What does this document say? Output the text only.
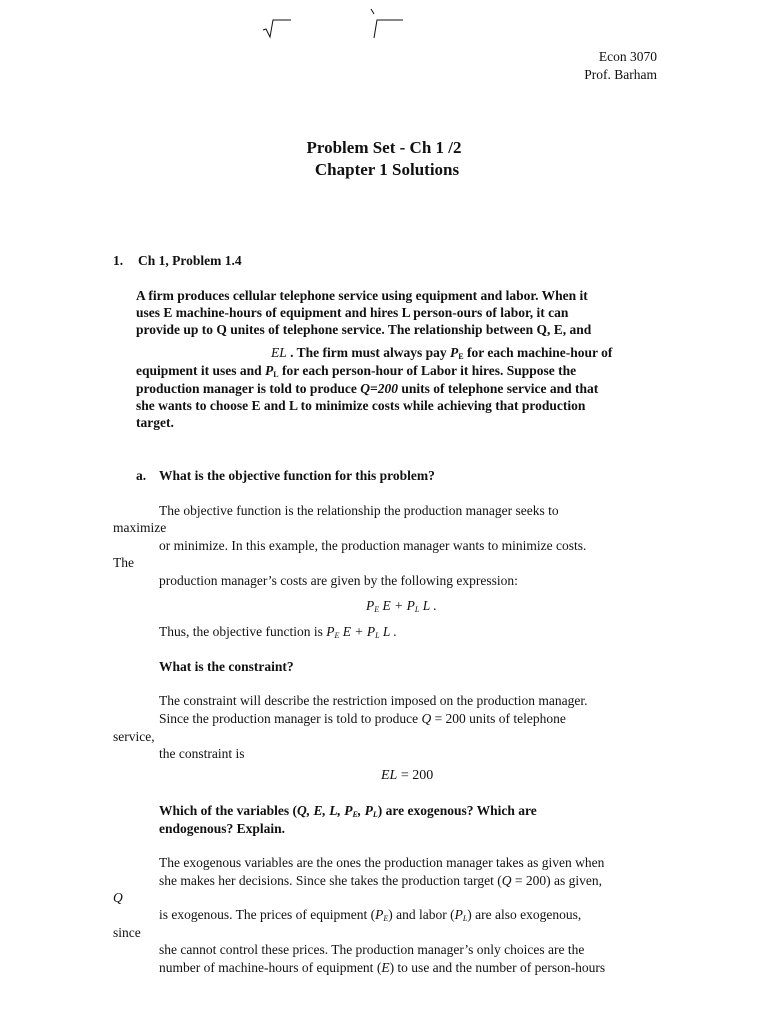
Econ 3070
Prof. Barham
Problem Set - Ch 1 /2
Chapter 1 Solutions
1. Ch 1, Problem 1.4
A firm produces cellular telephone service using equipment and labor. When it
uses E machine-hours of equipment and hires L person-ours of labor, it can
provide up to Q unites of telephone service. The relationship between Q, E, and
EL . The firm must always pay $P_E$ for each machine-hour of
equipment it uses and $P_L$ for each person-hour of Labor it hires. Suppose the
production manager is told to produce Q=200 units of telephone service and that
she wants to choose E and L to minimize costs while achieving that production
target.
a. What is the objective function for this problem?
The objective function is the relationship the production manager seeks to
maximize
or minimize. In this example, the production manager wants to minimize costs.
The
production manager’s costs are given by the following expression:
$P_E$ $E + P_L$ L .
Thus, the objective function is $P_E$ $E + P_L$ L .
What is the constraint?
The constraint will describe the restriction imposed on the production manager.
Since the production manager is told to produce Q = 200 units of telephone
service,
the constraint is
EL = 200
Which of the variables (Q, E, L, $P_E$, $P_L$) are exogenous? Which are
endogenous? Explain.
The exogenous variables are the ones the production manager takes as given when
she makes her decisions. Since she takes the production target (Q = 200) as given,
Q
is exogenous. The prices of equipment $(P_E)$ and labor $(P_L)$ are also exogenous,
since
she cannot control these prices. The production manager’s only choices are the
number of machine-hours of equipment (E) to use and the number of person-hours
